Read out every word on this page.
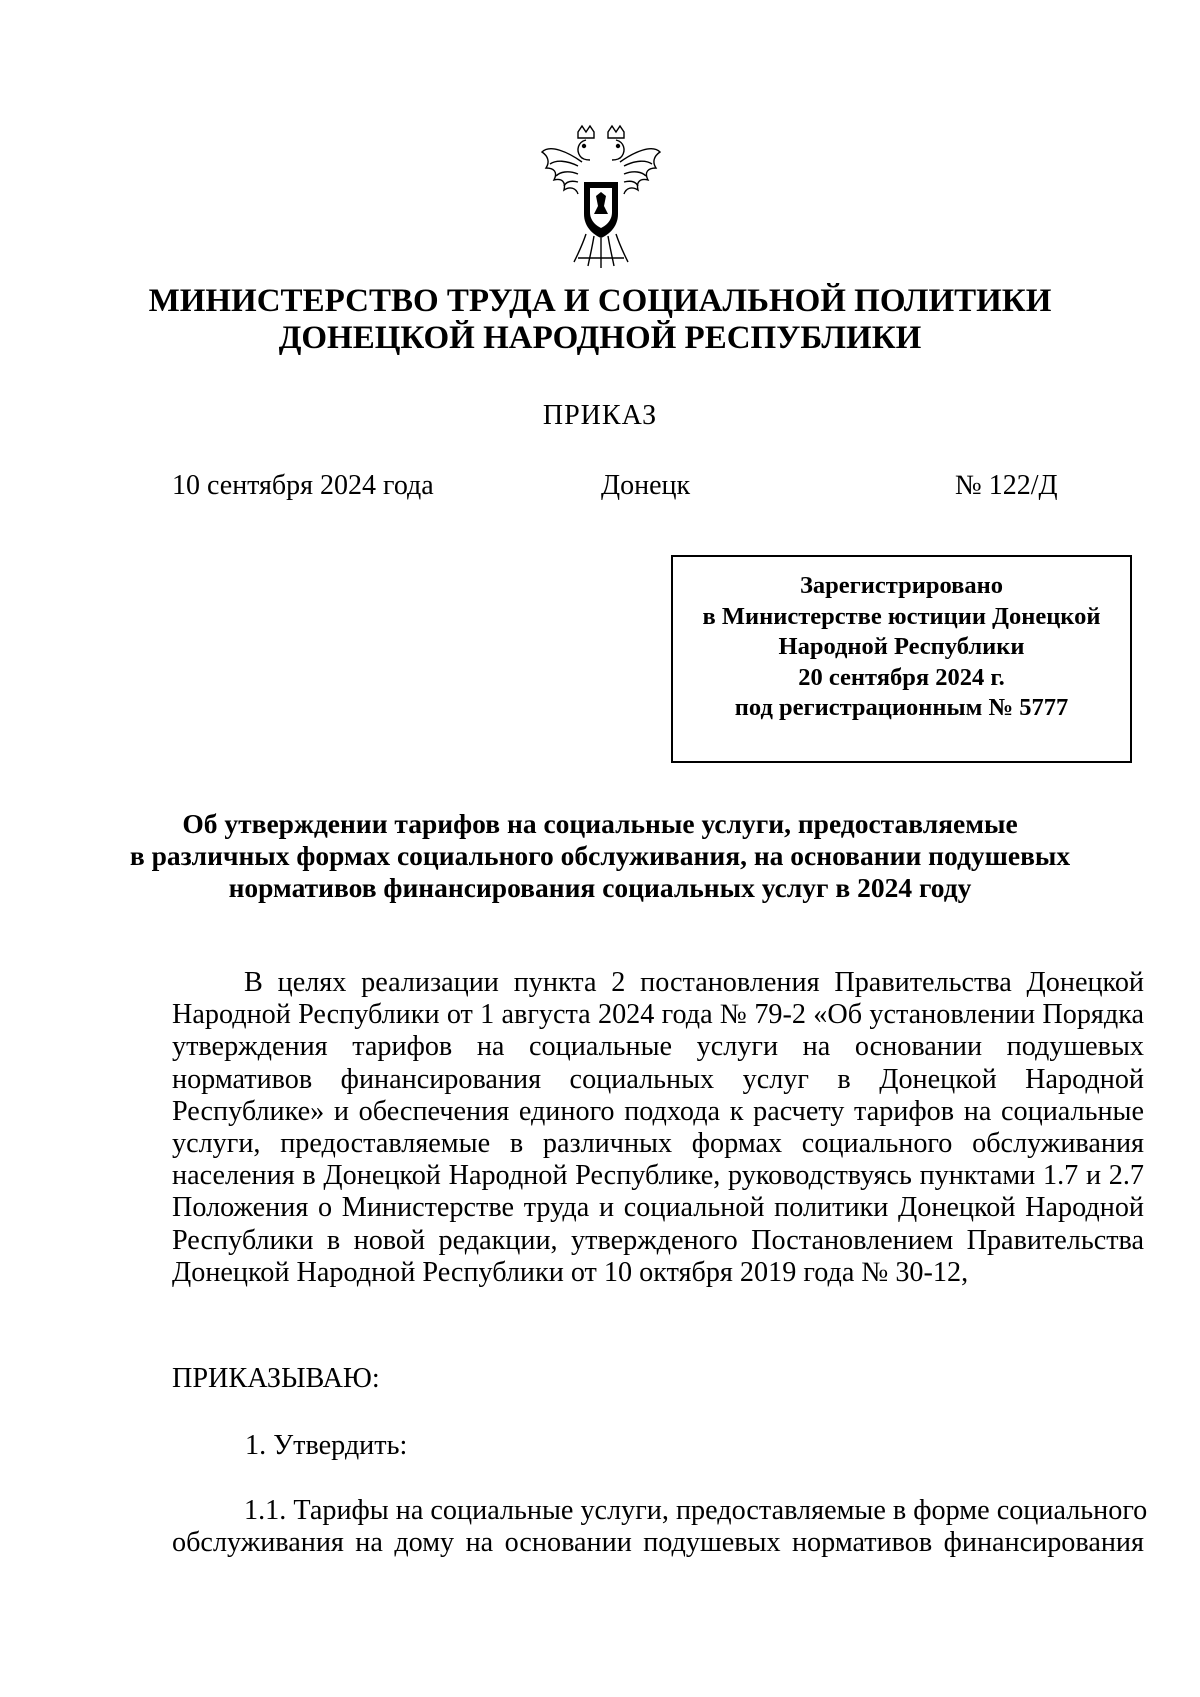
МИНИСТЕРСТВО ТРУДА И СОЦИАЛЬНОЙ ПОЛИТИКИ
ДОНЕЦКОЙ НАРОДНОЙ РЕСПУБЛИКИ
ПРИКАЗ
10 сентября 2024 года	Донецк	№ 122/Д
Зарегистрировано
в Министерстве юстиции Донецкой
Народной Республики
20 сентября 2024 г.
под регистрационным № 5777
Об утверждении тарифов на социальные услуги, предоставляемые
в различных формах социального обслуживания, на основании подушевых
нормативов финансирования социальных услуг в 2024 году
В целях реализации пункта 2 постановления Правительства Донецкой
Народной Республики от 1 августа 2024 года № 79-2 «Об установлении Порядка
утверждения тарифов на социальные услуги на основании подушевых
нормативов финансирования социальных услуг в Донецкой Народной
Республике» и обеспечения единого подхода к расчету тарифов на социальные
услуги, предоставляемые в различных формах социального обслуживания
населения в Донецкой Народной Республике, руководствуясь пунктами 1.7 и 2.7
Положения о Министерстве труда и социальной политики Донецкой Народной
Республики в новой редакции, утвержденого Постановлением Правительства
Донецкой Народной Республики от 10 октября 2019 года № 30-12,
ПРИКАЗЫВАЮ:
1. Утвердить:
1.1. Тарифы на социальные услуги, предоставляемые в форме социального
обслуживания на дому на основании подушевых нормативов финансирования
